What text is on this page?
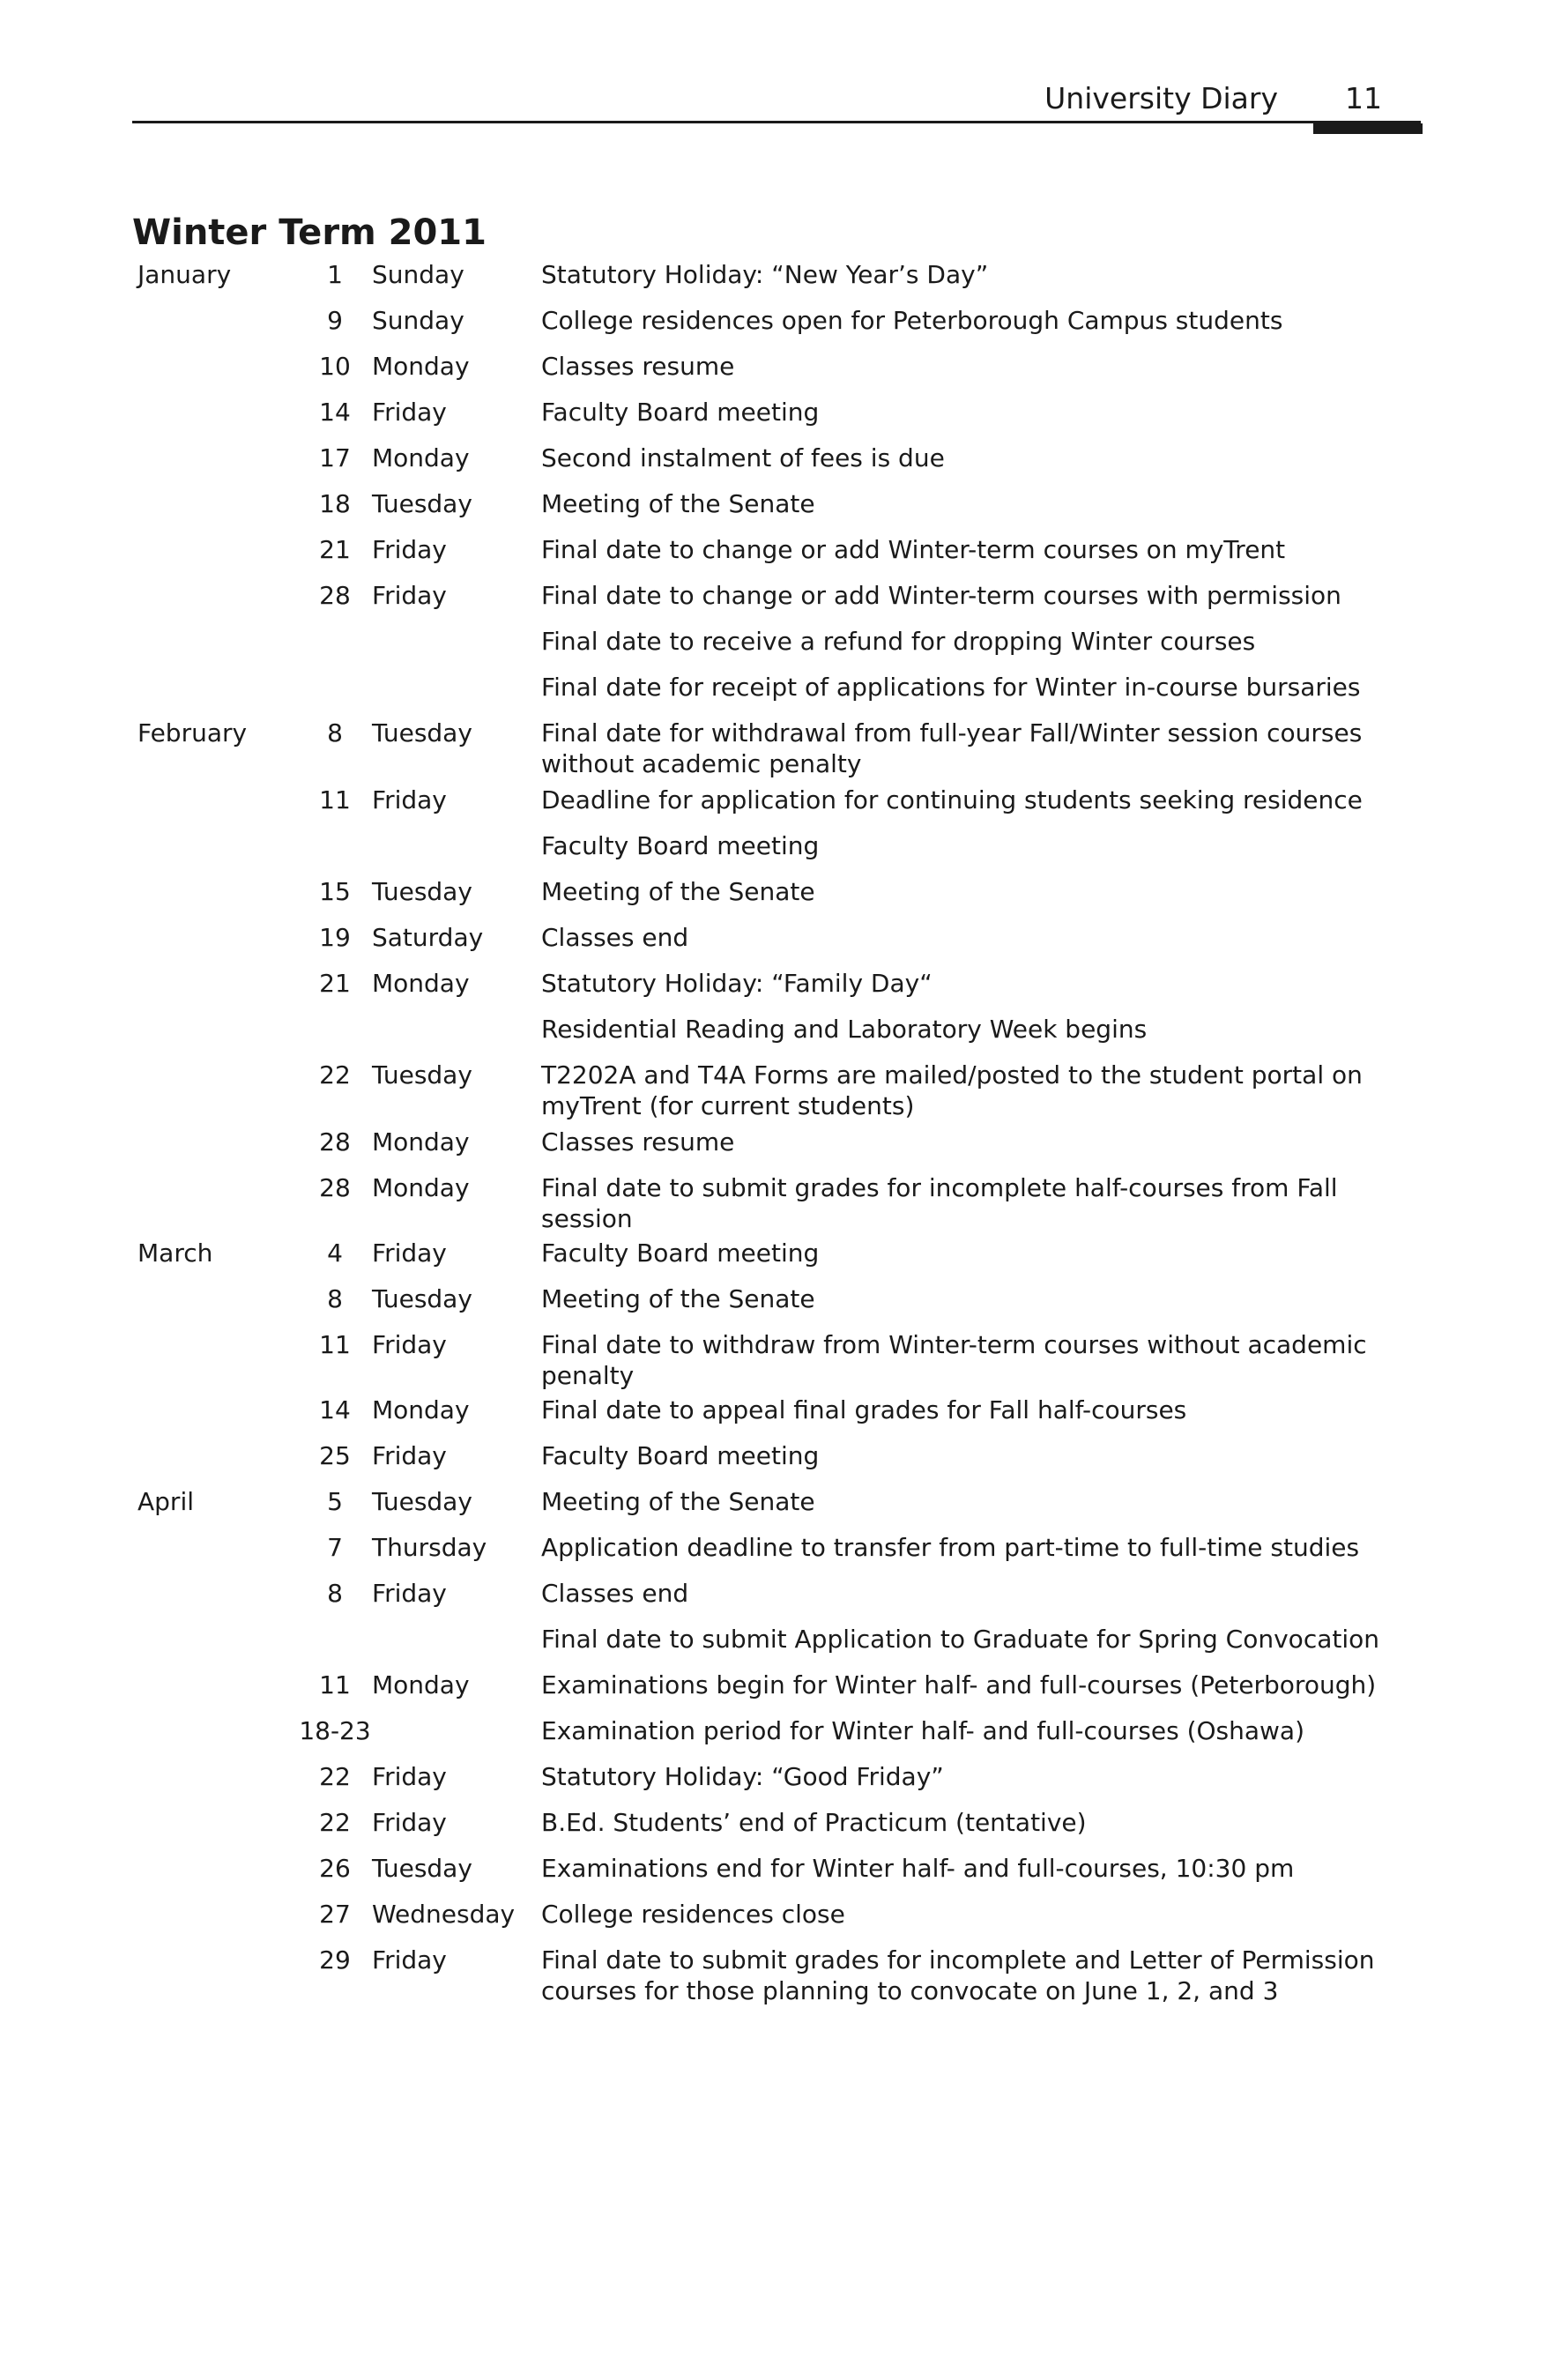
University Diary 11
Winter Term 2011
January	1	Sunday	Statutory Holiday: “New Year’s Day”
9	Sunday	College residences open for Peterborough Campus students
10 Monday	Classes resume
14 Friday	Faculty Board meeting
17 Monday	Second instalment of fees is due
18 Tuesday	Meeting of the Senate
21 Friday	Final date to change or add Winter-term courses on myTrent
28 Friday	Final date to change or add Winter-term courses with permission
Final date to receive a refund for dropping Winter courses
Final date for receipt of applications for Winter in-course bursaries
February	8	Tuesday	Final date for withdrawal from full-year Fall/Winter session courses without academic penalty
11 Friday	Deadline for application for continuing students seeking residence
Faculty Board meeting
15 Tuesday	Meeting of the Senate
19 Saturday Classes end
21 Monday	Statutory Holiday: “Family Day“
Residential Reading and Laboratory Week begins
22 Tuesday	T2202A and T4A Forms are mailed/posted to the student portal on myTrent (for current students)
28 Monday	Classes resume
28 Monday	Final date to submit grades for incomplete half-courses from Fall session
March	4	Friday	Faculty Board meeting
8	Tuesday	Meeting of the Senate
11 Friday	Final date to withdraw from Winter-term courses without academic penalty
14 Monday	Final date to appeal final grades for Fall half-courses
25 Friday	Faculty Board meeting
April	5	Tuesday	Meeting of the Senate
7	Thursday Application deadline to transfer from part-time to full-time studies
8	Friday	Classes end
Final date to submit Application to Graduate for Spring Convocation
11 Monday	Examinations begin for Winter half- and full-courses (Peterborough)
18-23	Examination period for Winter half- and full-courses (Oshawa)
22 Friday	Statutory Holiday: “Good Friday”
22 Friday	B.Ed. Students’ end of Practicum (tentative)
26 Tuesday	Examinations end for Winter half- and full-courses, 10:30 pm
27 Wednesday College residences close
29 Friday	Final date to submit grades for incomplete and Letter of Permission courses for those planning to convocate on June 1, 2, and 3
